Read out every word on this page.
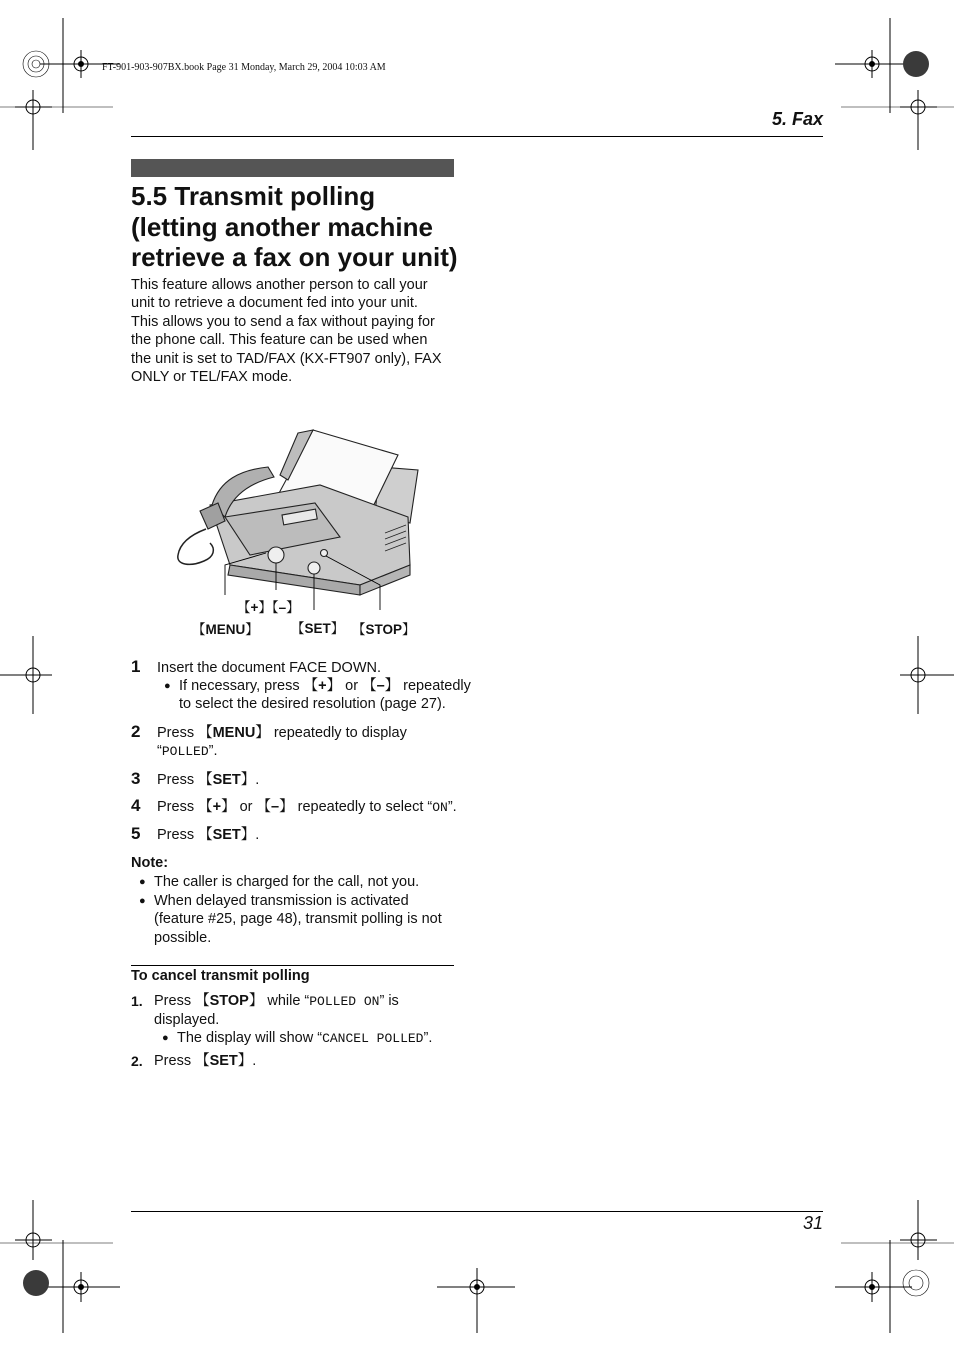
FT-901-903-907BX.book Page 31 Monday, March 29, 2004 10:03 AM
5. Fax
5.5 Transmit polling
(letting another machine
retrieve a fax on your unit)
This feature allows another person to call your
unit to retrieve a document fed into your unit.
This allows you to send a fax without paying for
the phone call. This feature can be used when
the unit is set to TAD/FAX (KX-FT907 only), FAX
ONLY or TEL/FAX mode.
【 + 】 【 – 】
【 MENU 】	【 SET 】	【 STOP 】
1 Insert the document FACE DOWN.
● If necessary, press 【 + 】 or 【 – 】 repeatedly
to select the desired resolution (page 27).
2 Press 【 MENU 】 repeatedly to display
“POLLED”.
3 Press 【 SET 】 .
4 Press 【 + 】 or 【 – 】 repeatedly to select “ON”.
5 Press 【 SET 】 .
Note:
● The caller is charged for the call, not you.
● When delayed transmission is activated
(feature #25, page 48), transmit polling is not
possible.
To cancel transmit polling
1. Press 【 STOP 】 while “POLLED ON” is
displayed.
● The display will show “CANCEL POLLED”.
2. Press 【 SET 】 .
31
